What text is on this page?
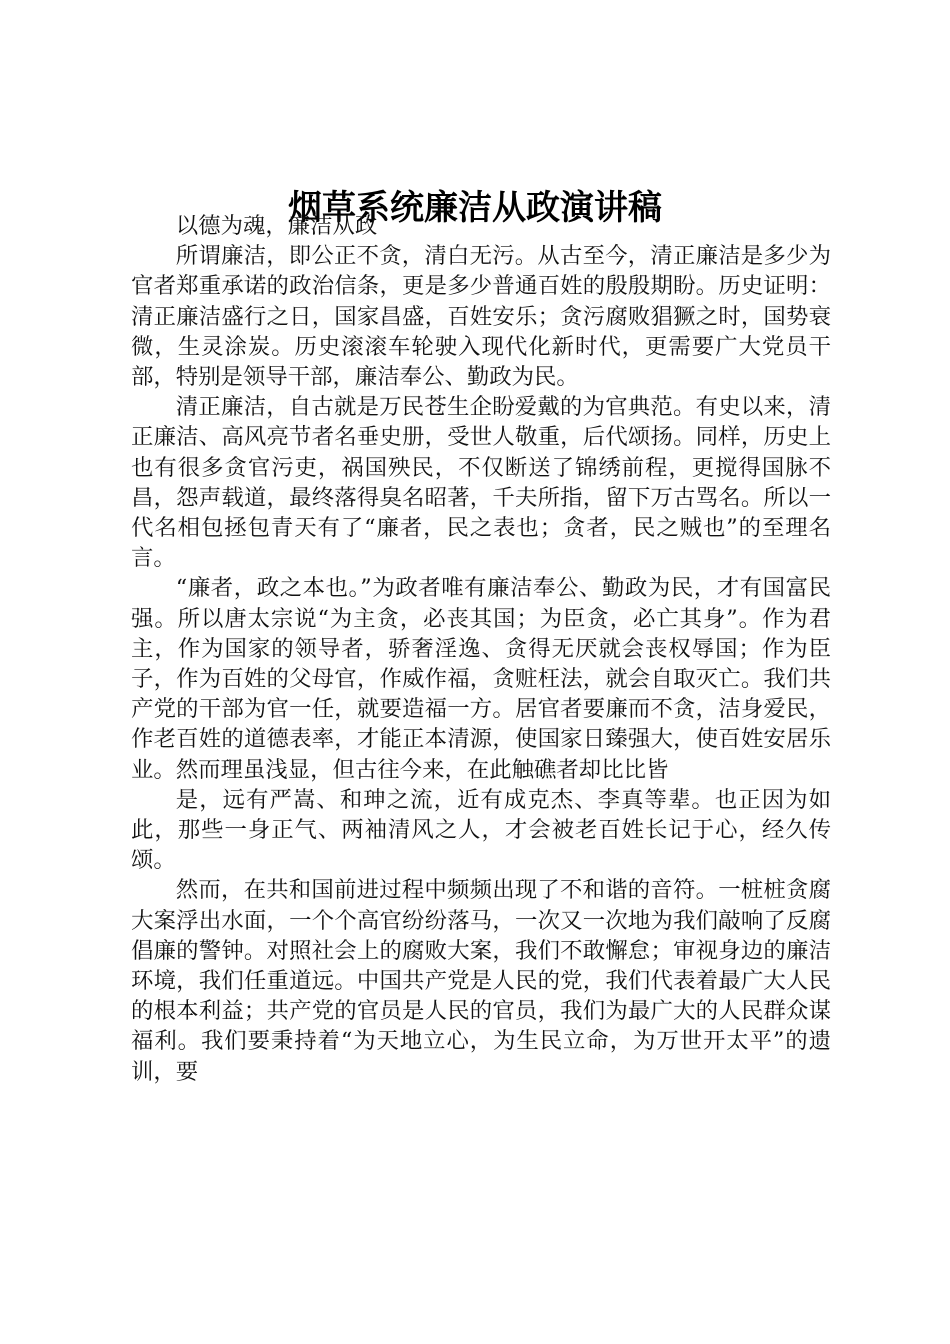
烟草系统廉洁从政演讲稿

以德为魂，廉洁从政

所谓廉洁，即公正不贪，清白无污。从古至今，清正廉洁是多少为官者郑重承诺的政治信条，更是多少普通百姓的殷殷期盼。历史证明：清正廉洁盛行之日，国家昌盛，百姓安乐；贪污腐败猖獗之时，国势衰微，生灵涂炭。历史滚滚车轮驶入现代化新时代，更需要广大党员干部，特别是领导干部，廉洁奉公、勤政为民。

清正廉洁，自古就是万民苍生企盼爱戴的为官典范。有史以来，清正廉洁、高风亮节者名垂史册，受世人敬重，后代颂扬。同样，历史上也有很多贪官污吏，祸国殃民，不仅断送了锦绣前程，更搅得国脉不昌，怨声载道，最终落得臭名昭著，千夫所指，留下万古骂名。所以一代名相包拯包青天有了“廉者，民之表也；贪者，民之贼也”的至理名言。

“廉者，政之本也。”为政者唯有廉洁奉公、勤政为民，才有国富民强。所以唐太宗说“为主贪，必丧其国；为臣贪，必亡其身”。作为君主，作为国家的领导者，骄奢淫逸、贪得无厌就会丧权辱国；作为臣子，作为百姓的父母官，作威作福，贪赃枉法，就会自取灭亡。我们共产党的干部为官一任，就要造福一方。居官者要廉而不贪，洁身爱民，作老百姓的道德表率，才能正本清源，使国家日臻强大，使百姓安居乐业。然而理虽浅显，但古往今来，在此触礁者却比比皆

是，远有严嵩、和珅之流，近有成克杰、李真等辈。也正因为如此，那些一身正气、两袖清风之人，才会被老百姓长记于心，经久传颂。

然而，在共和国前进过程中频频出现了不和谐的音符。一桩桩贪腐大案浮出水面，一个个高官纷纷落马，一次又一次地为我们敲响了反腐倡廉的警钟。对照社会上的腐败大案，我们不敢懈怠；审视身边的廉洁环境，我们任重道远。中国共产党是人民的党，我们代表着最广大人民的根本利益；共产党的官员是人民的官员，我们为最广大的人民群众谋福利。我们要秉持着“为天地立心，为生民立命，为万世开太平”的遗训，要
